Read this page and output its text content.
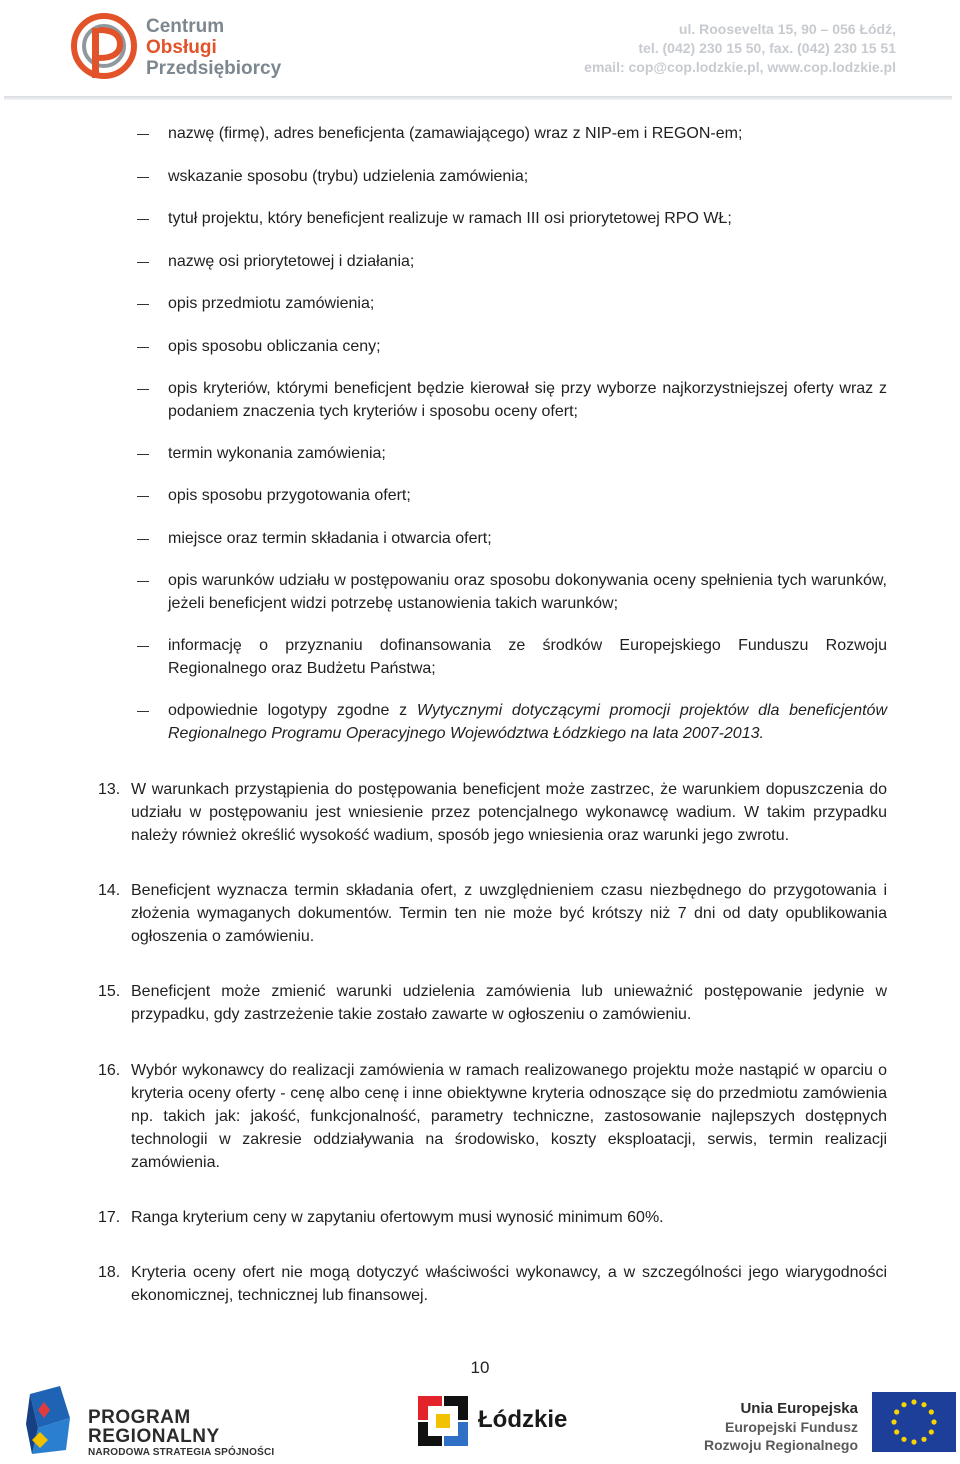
Centrum
Obsługi
Przedsiębiorcy
ul. Roosevelta 15, 90 – 056 Łódź,
tel. (042) 230 15 50, fax. (042) 230 15 51
email: cop@cop.lodzkie.pl, www.cop.lodzkie.pl
nazwę (firmę), adres beneficjenta (zamawiającego) wraz z NIP-em i REGON-em;
wskazanie sposobu (trybu) udzielenia zamówienia;
tytuł projektu, który beneficjent realizuje w ramach III osi priorytetowej RPO WŁ;
nazwę osi priorytetowej i działania;
opis przedmiotu zamówienia;
opis sposobu obliczania ceny;
opis kryteriów, którymi beneficjent będzie kierował się przy wyborze najkorzystniejszej oferty wraz z podaniem znaczenia tych kryteriów i sposobu oceny ofert;
termin wykonania zamówienia;
opis sposobu przygotowania ofert;
miejsce oraz termin składania i otwarcia ofert;
opis warunków udziału w postępowaniu oraz sposobu dokonywania oceny spełnienia tych warunków, jeżeli beneficjent widzi potrzebę ustanowienia takich warunków;
informację o przyznaniu dofinansowania ze środków Europejskiego Funduszu Rozwoju Regionalnego oraz Budżetu Państwa;
odpowiednie logotypy zgodne z Wytycznymi dotyczącymi promocji projektów dla beneficjentów Regionalnego Programu Operacyjnego Województwa Łódzkiego na lata 2007-2013.
13. W warunkach przystąpienia do postępowania beneficjent może zastrzec, że warunkiem dopuszczenia do udziału w postępowaniu jest wniesienie przez potencjalnego wykonawcę wadium. W takim przypadku należy również określić wysokość wadium, sposób jego wniesienia oraz warunki jego zwrotu.
14. Beneficjent wyznacza termin składania ofert, z uwzględnieniem czasu niezbędnego do przygotowania i złożenia wymaganych dokumentów. Termin ten nie może być krótszy niż 7 dni od daty opublikowania ogłoszenia o zamówieniu.
15. Beneficjent może zmienić warunki udzielenia zamówienia lub unieważnić postępowanie jedynie w przypadku, gdy zastrzeżenie takie zostało zawarte w ogłoszeniu o zamówieniu.
16. Wybór wykonawcy do realizacji zamówienia w ramach realizowanego projektu może nastąpić w oparciu o kryteria oceny oferty - cenę albo cenę i inne obiektywne kryteria odnoszące się do przedmiotu zamówienia np. takich jak: jakość, funkcjonalność, parametry techniczne, zastosowanie najlepszych dostępnych technologii w zakresie oddziaływania na środowisko, koszty eksploatacji, serwis, termin realizacji zamówienia.
17. Ranga kryterium ceny w zapytaniu ofertowym musi wynosić minimum 60%.
18. Kryteria oceny ofert nie mogą dotyczyć właściwości wykonawcy, a w szczególności jego wiarygodności ekonomicznej, technicznej lub finansowej.
10
PROGRAM
REGIONALNY
NARODOWA STRATEGIA SPÓJNOŚCI
Łódzkie	Unia Europejska
Europejski Fundusz
Rozwoju Regionalnego
